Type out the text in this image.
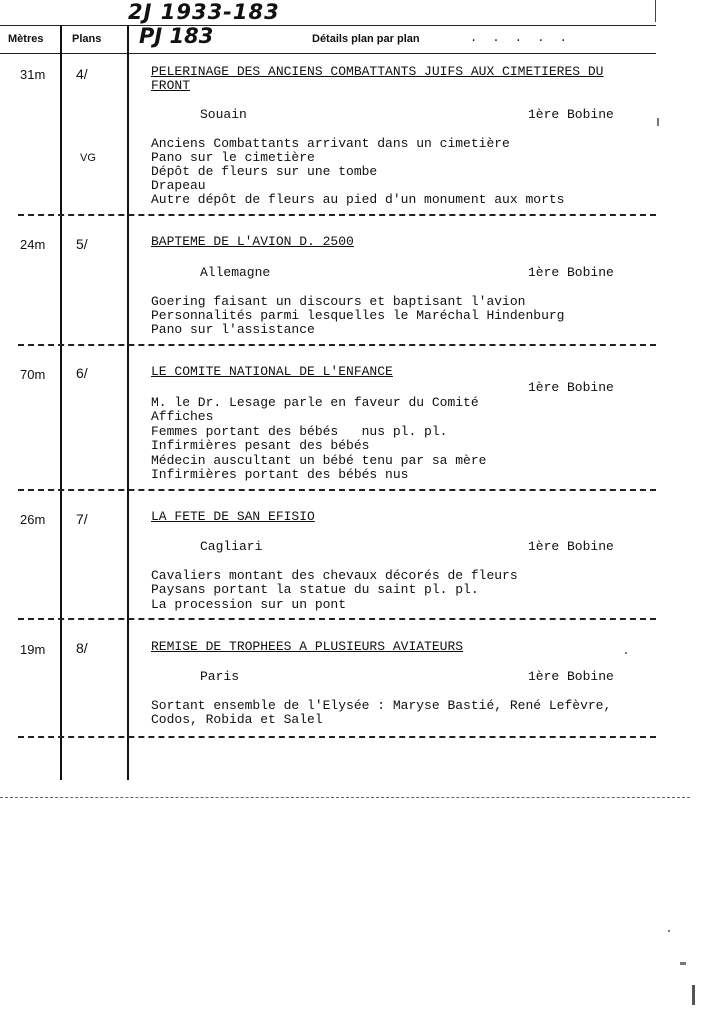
2J 1933-183
Mètres	Plans PJ 183	Détails plan par plan	. . . . .
31m 4/	PELERINAGE DES ANCIENS COMBATTANTS JUIFS AUX CIMETIERES DU
FRONT
Souain	1ère Bobine
VG
Anciens Combattants arrivant dans un cimetière
Pano sur le cimetière
Dépôt de fleurs sur une tombe
Drapeau
Autre dépôt de fleurs au pied d'un monument aux morts
24m 5/	BAPTEME DE L'AVION D. 2500
Allemagne	1ère Bobine
Goering faisant un discours et baptisant l'avion
Personnalités parmi lesquelles le Maréchal Hindenburg
Pano sur l'assistance
70m 6/	LE COMITE NATIONAL DE L'ENFANCE
1ère Bobine
M. le Dr. Lesage parle en faveur du Comité
Affiches
Femmes portant des bébés   nus pl. pl.
Infirmières pesant des bébés
Médecin auscultant un bébé tenu par sa mère
Infirmières portant des bébés nus
26m 7/	LA FETE DE SAN EFISIO
Cagliari	1ère Bobine
Cavaliers montant des chevaux décorés de fleurs
Paysans portant la statue du saint pl. pl.
La procession sur un pont
19m 8/	REMISE DE TROPHEES A PLUSIEURS AVIATEURS
Paris	1ère Bobine
Sortant ensemble de l'Elysée : Maryse Bastié, René Lefèvre,
Codos, Robida et Salel
